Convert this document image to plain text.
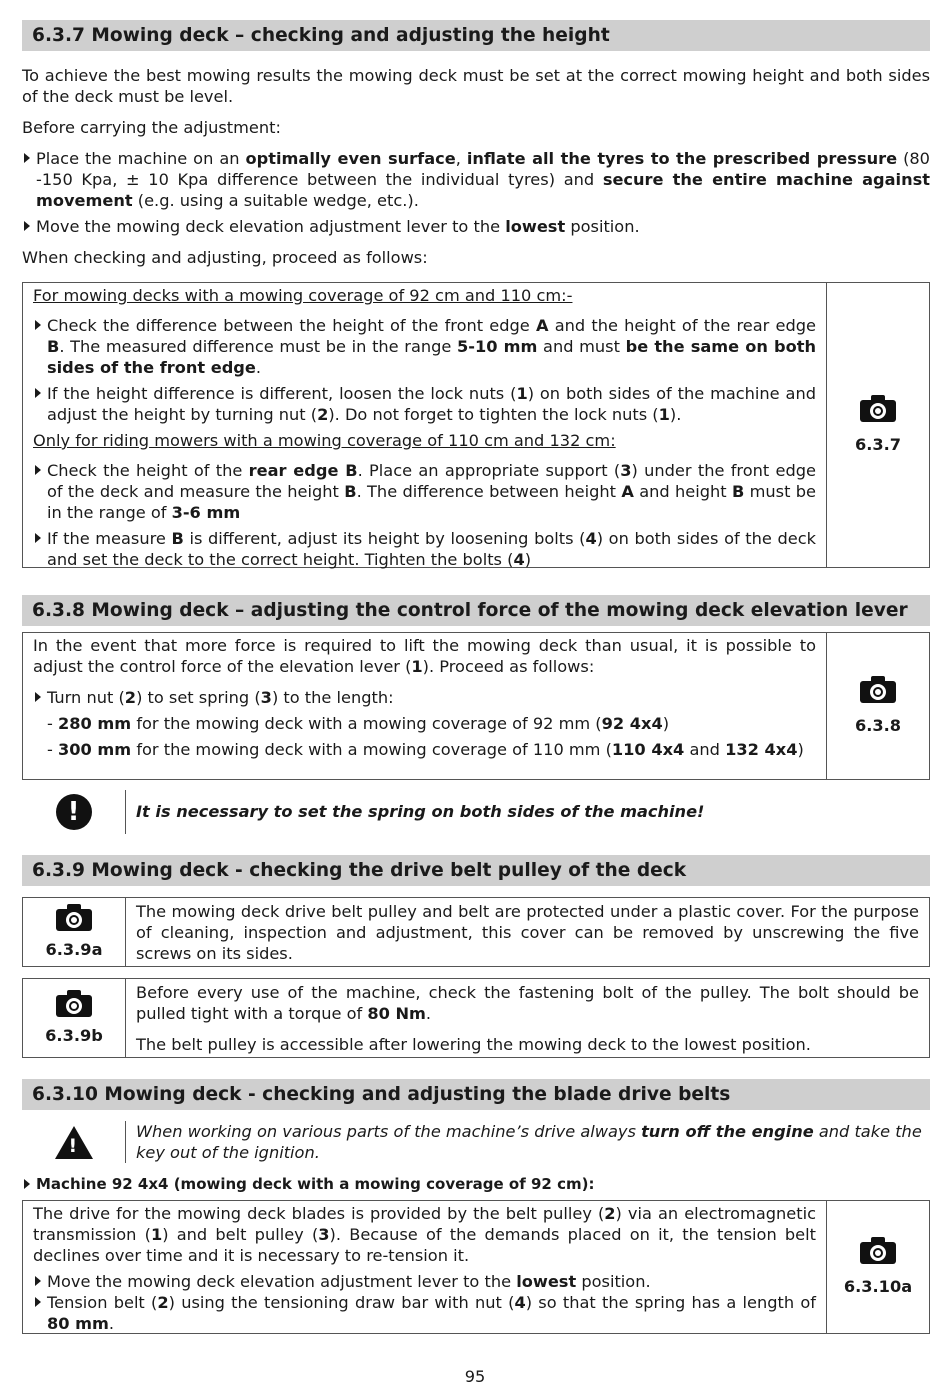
6.3.7 Mowing deck – checking and adjusting the height

To achieve the best mowing results the mowing deck must be set at the correct mowing height and both sides of the deck must be level.

Before carrying the adjustment:

Place the machine on an optimally even surface, inflate all the tyres to the prescribed pressure (80 -150 Kpa, ± 10 Kpa difference between the individual tyres) and secure the entire machine against movement (e.g. using a suitable wedge, etc.).
Move the mowing deck elevation adjustment lever to the lowest position.

When checking and adjusting, proceed as follows:

For mowing decks with a mowing coverage of 92 cm and 110 cm:-
Check the difference between the height of the front edge A and the height of the rear edge B. The measured difference must be in the range 5-10 mm and must be the same on both sides of the front edge.
If the height difference is different, loosen the lock nuts (1) on both sides of the machine and adjust the height by turning nut (2). Do not forget to tighten the lock nuts (1).
Only for riding mowers with a mowing coverage of 110 cm and 132 cm:
Check the height of the rear edge B. Place an appropriate support (3) under the front edge of the deck and measure the height B. The difference between height A and height B must be in the range of 3-6 mm
If the measure B is different, adjust its height by loosening bolts (4) on both sides of the deck and set the deck to the correct height. Tighten the bolts (4)
6.3.7
6.3.8 Mowing deck – adjusting the control force of the mowing deck elevation lever

In the event that more force is required to lift the mowing deck than usual, it is possible to adjust the control force of the elevation lever (1). Proceed as follows:

Turn nut (2) to set spring (3) to the length:
- 280 mm for the mowing deck with a mowing coverage of 92 mm (92 4x4)
- 300 mm for the mowing deck with a mowing coverage of 110 mm (110 4x4 and 132 4x4)
6.3.8
!	It is necessary to set the spring on both sides of the machine!
6.3.9 Mowing deck - checking the drive belt pulley of the deck
6.3.9a

The mowing deck drive belt pulley and belt are protected under a plastic cover. For the purpose of cleaning, inspection and adjustment, this cover can be removed by unscrewing the five screws on its sides.

6.3.9b

Before every use of the machine, check the fastening bolt of the pulley. The bolt should be pulled tight with a torque of 80 Nm.

The belt pulley is accessible after lowering the mowing deck to the lowest position.

6.3.10 Mowing deck - checking and adjusting the blade drive belts
!
When working on various parts of the machine’s drive always turn off the engine and take the key out of the ignition.
Machine 92 4x4 (mowing deck with a mowing coverage of 92 cm):

The drive for the mowing deck blades is provided by the belt pulley (2) via an electromagnetic transmission (1) and belt pulley (3). Because of the demands placed on it, the tension belt declines over time and it is necessary to re-tension it.

Move the mowing deck elevation adjustment lever to the lowest position.
Tension belt (2) using the tensioning draw bar with nut (4) so that the spring has a length of 80 mm.
6.3.10a
95
